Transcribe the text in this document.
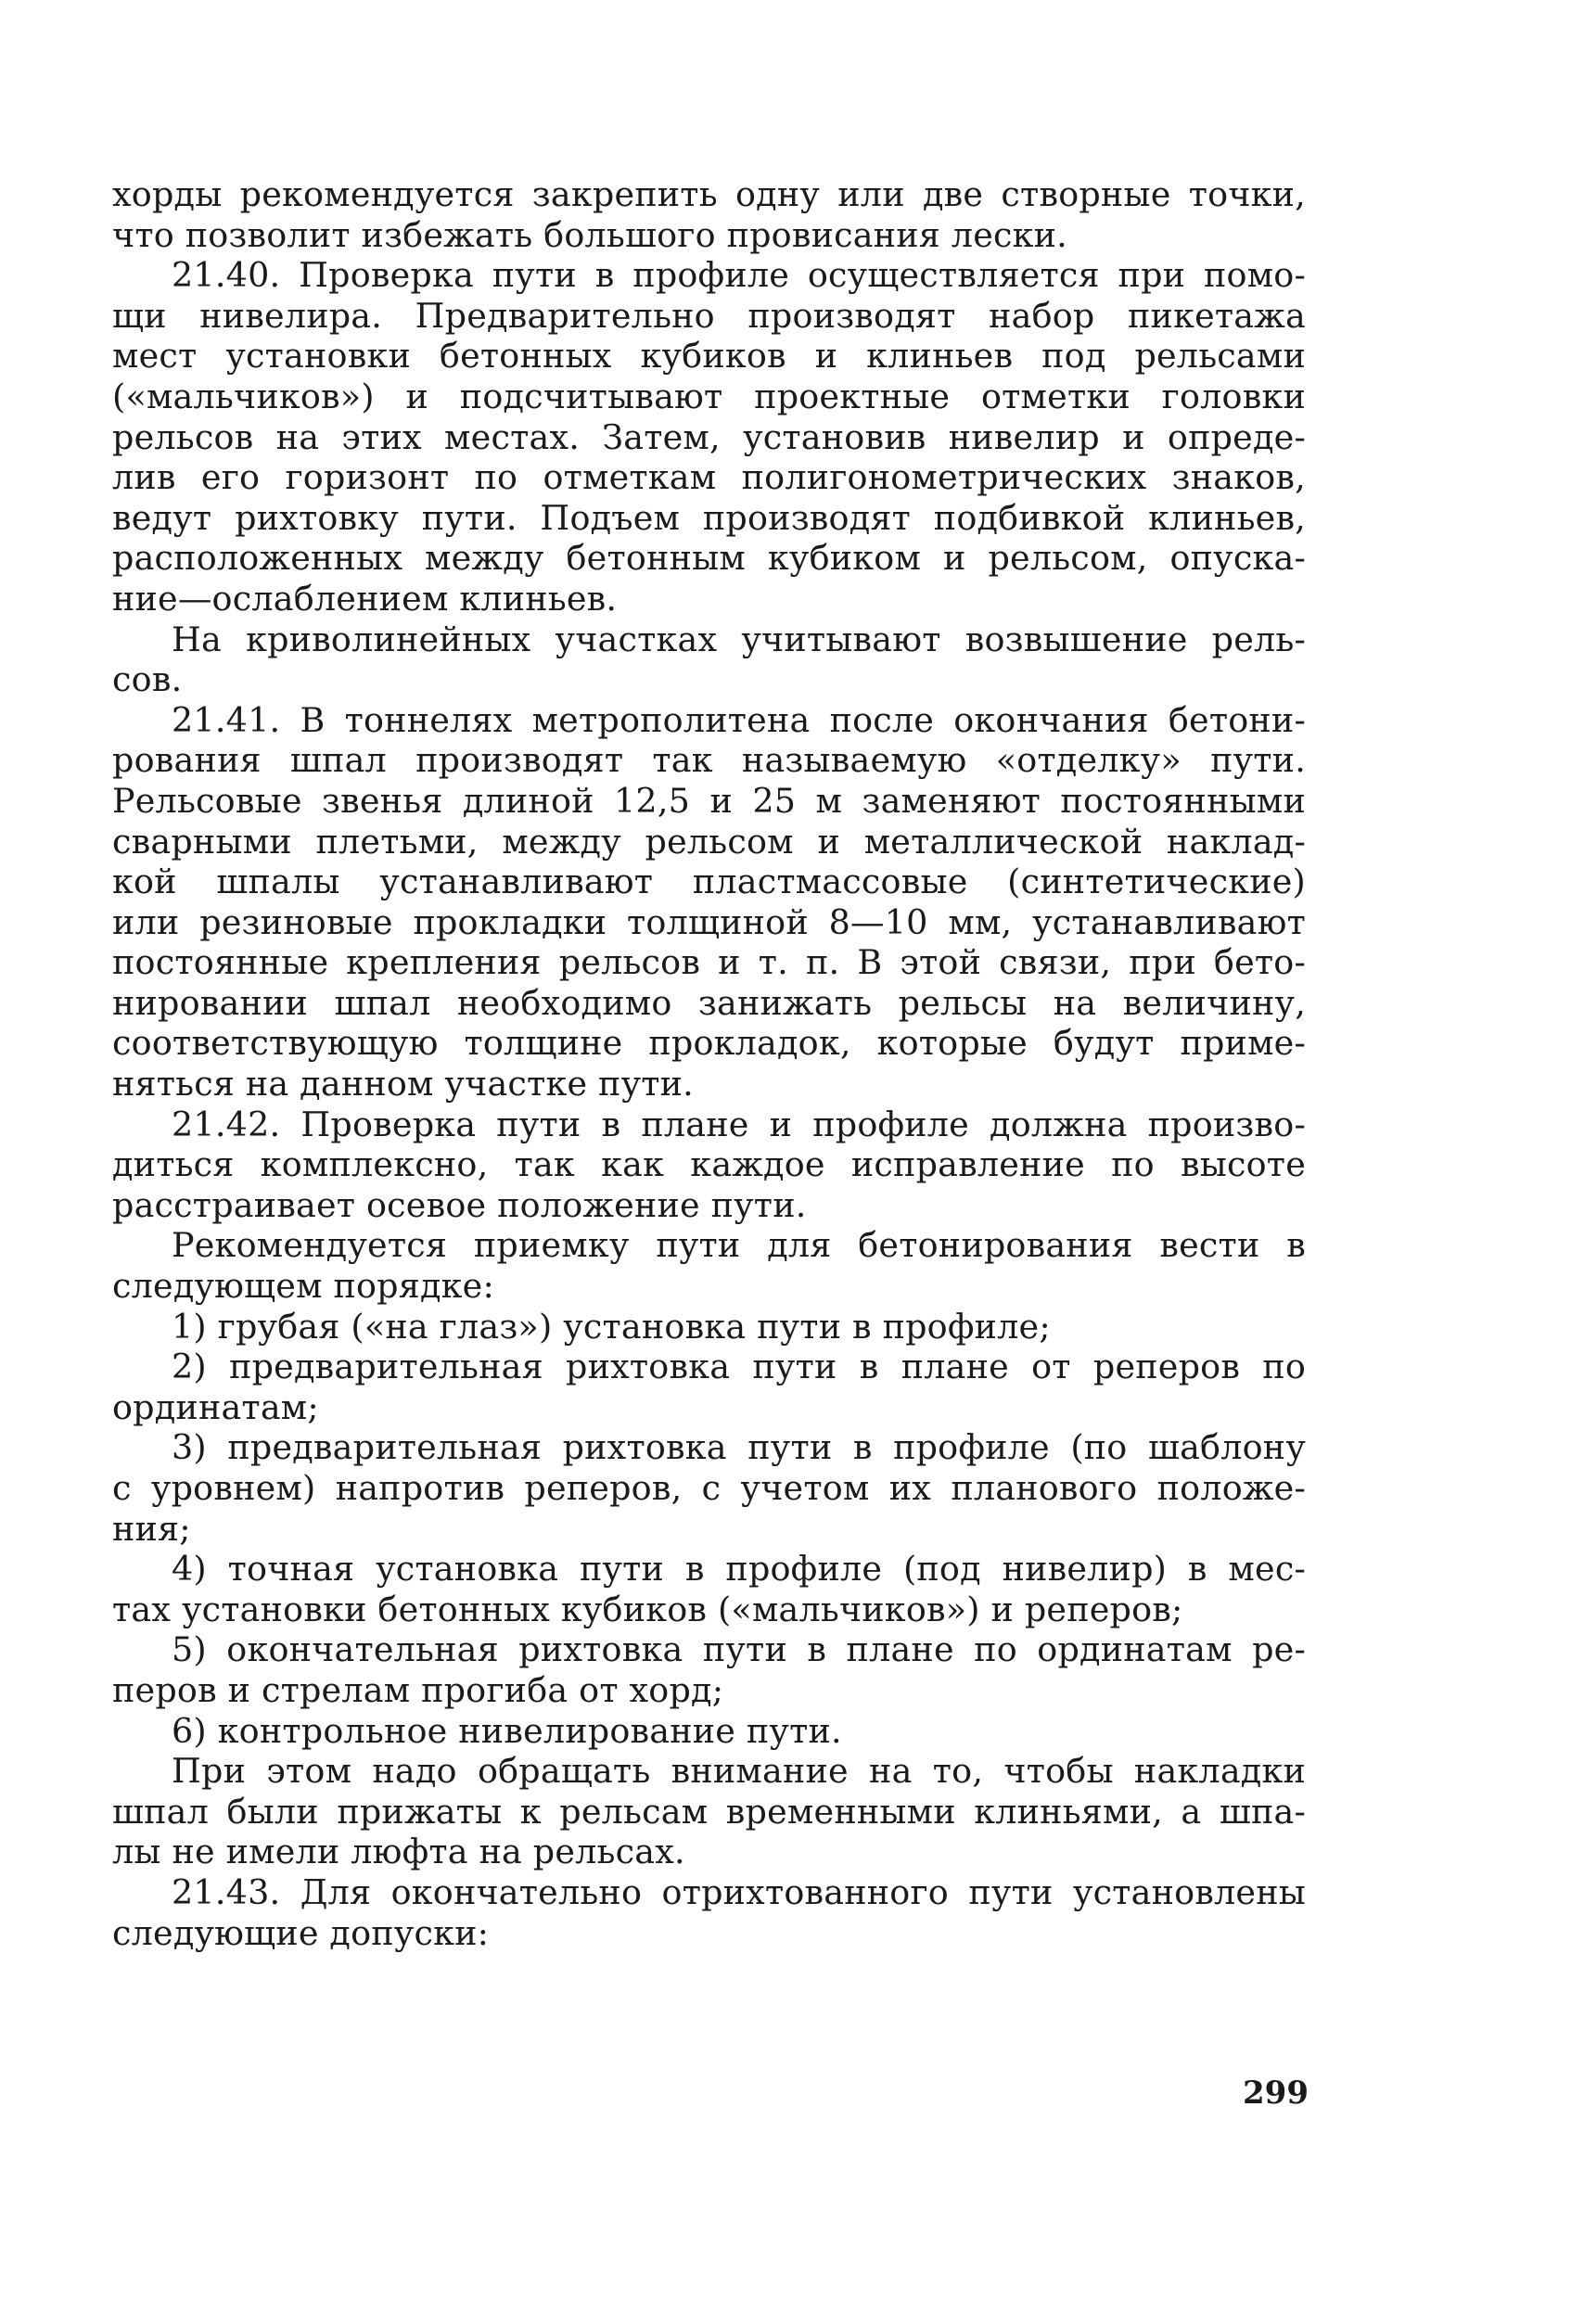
хорды рекомендуется закрепить одну или две створные точки,
что позволит избежать большого провисания лески.
21.40. Проверка пути в профиле осуществляется при помо-
щи нивелира. Предварительно производят набор пикетажа
мест установки бетонных кубиков и клиньев под рельсами
(«мальчиков») и подсчитывают проектные отметки головки
рельсов на этих местах. Затем, установив нивелир и опреде-
лив его горизонт по отметкам полигонометрических знаков,
ведут рихтовку пути. Подъем производят подбивкой клиньев,
расположенных между бетонным кубиком и рельсом, опуска-
ние—ослаблением клиньев.
На криволинейных участках учитывают возвышение рель-
сов.
21.41. В тоннелях метрополитена после окончания бетони-
рования шпал производят так называемую «отделку» пути.
Рельсовые звенья длиной 12,5 и 25 м заменяют постоянными
сварными плетьми, между рельсом и металлической наклад-
кой шпалы устанавливают пластмассовые (синтетические)
или резиновые прокладки толщиной 8—10 мм, устанавливают
постоянные крепления рельсов и т. п. В этой связи, при бето-
нировании шпал необходимо занижать рельсы на величину,
соответствующую толщине прокладок, которые будут приме-
няться на данном участке пути.
21.42. Проверка пути в плане и профиле должна произво-
диться комплексно, так как каждое исправление по высоте
расстраивает осевое положение пути.
Рекомендуется приемку пути для бетонирования вести в
следующем порядке:
1) грубая («на глаз») установка пути в профиле;
2) предварительная рихтовка пути в плане от реперов по
ординатам;
3) предварительная рихтовка пути в профиле (по шаблону
с уровнем) напротив реперов, с учетом их планового положе-
ния;
4) точная установка пути в профиле (под нивелир) в мес-
тах установки бетонных кубиков («мальчиков») и реперов;
5) окончательная рихтовка пути в плане по ординатам ре-
перов и стрелам прогиба от хорд;
6) контрольное нивелирование пути.
При этом надо обращать внимание на то, чтобы накладки
шпал были прижаты к рельсам временными клиньями, а шпа-
лы не имели люфта на рельсах.
21.43. Для окончательно отрихтованного пути установлены
следующие допуски:
299
